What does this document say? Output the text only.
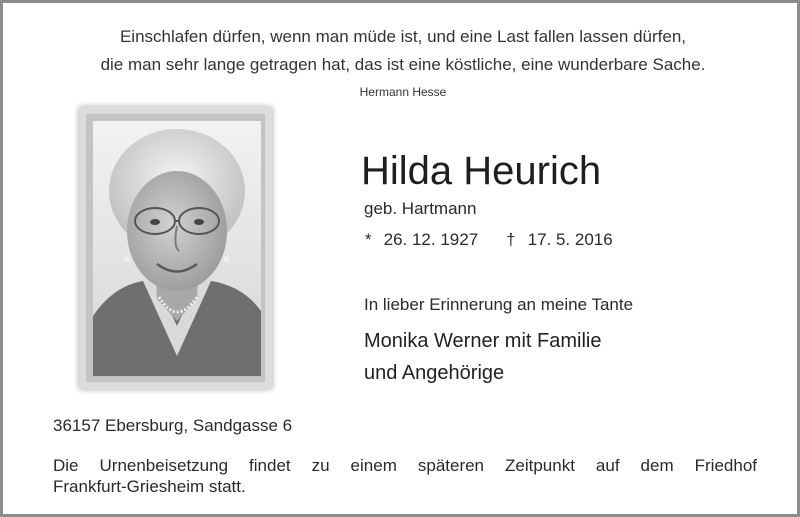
Einschlafen dürfen, wenn man müde ist, und eine Last fallen lassen dürfen,
die man sehr lange getragen hat, das ist eine köstliche, eine wunderbare Sache.
Hermann Hesse
Hilda Heurich
geb. Hartmann
* 26. 12. 1927 † 17. 5. 2016
In lieber Erinnerung an meine Tante
Monika Werner mit Familie
und Angehörige
36157 Ebersburg, Sandgasse 6
Die Urnenbeisetzung findet zu einem späteren Zeitpunkt auf dem Friedhof
Frankfurt-Griesheim statt.
